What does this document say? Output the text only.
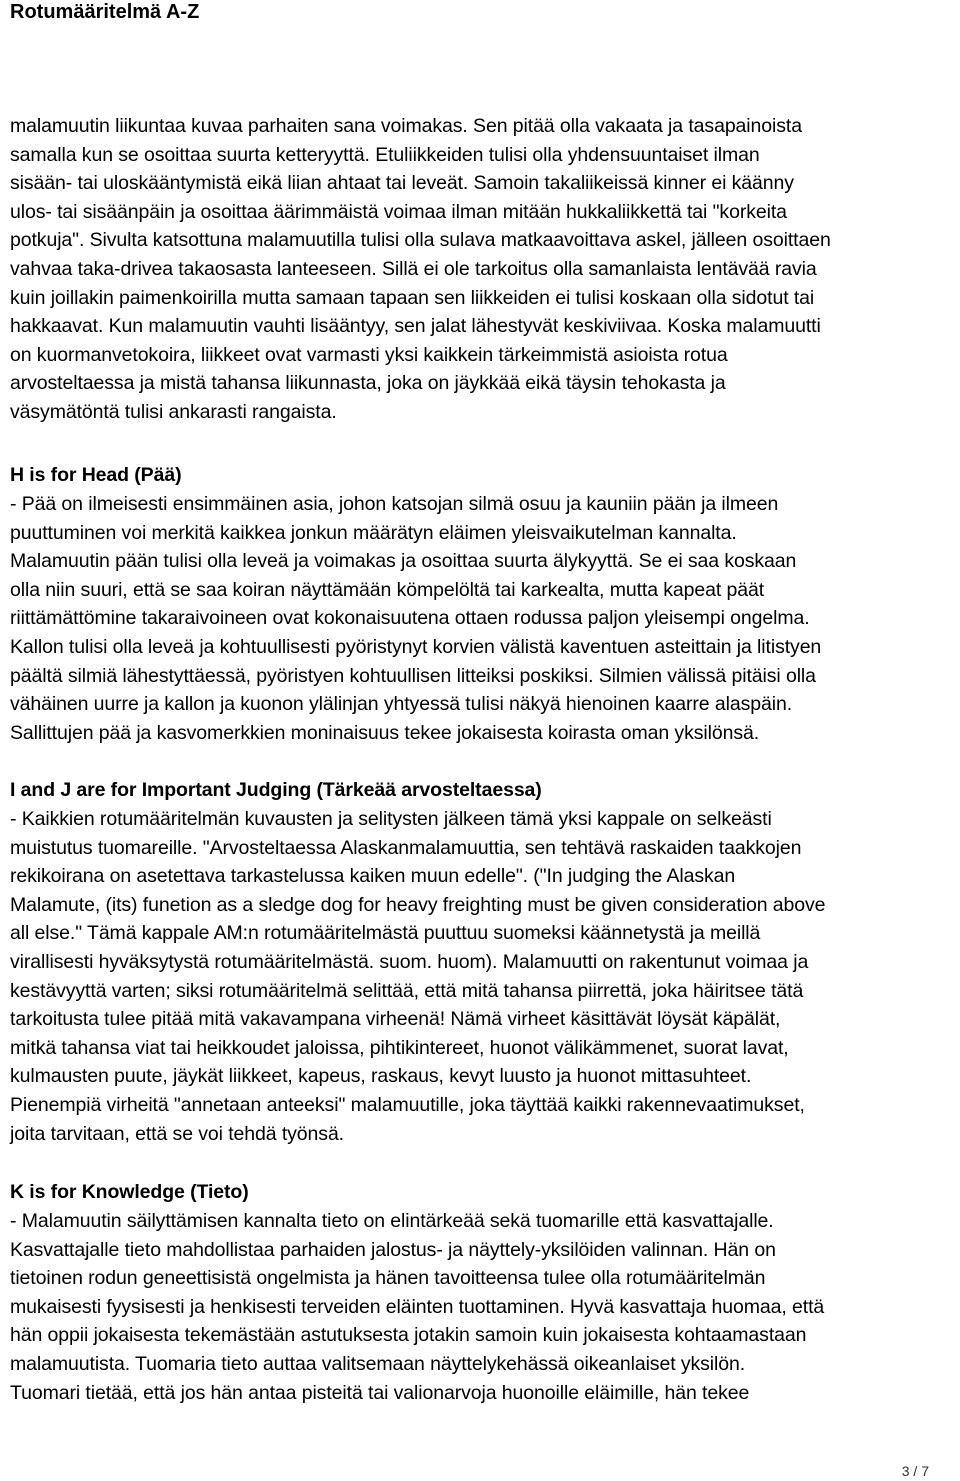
Rotumääritelmä A-Z
malamuutin liikuntaa kuvaa parhaiten sana voimakas. Sen pitää olla vakaata ja tasapainoista
samalla kun se osoittaa suurta ketteryyttä. Etuliikkeiden tulisi olla yhdensuuntaiset ilman
sisään- tai uloskääntymistä eikä liian ahtaat tai leveät. Samoin takaliikeissä kinner ei käänny
ulos- tai sisäänpäin ja osoittaa äärimmäistä voimaa ilman mitään hukkaliikkettä tai "korkeita
potkuja". Sivulta katsottuna malamuutilla tulisi olla sulava matkaavoittava askel, jälleen osoittaen
vahvaa taka-drivea takaosasta lanteeseen. Sillä ei ole tarkoitus olla samanlaista lentävää ravia
kuin joillakin paimenkoirilla mutta samaan tapaan sen liikkeiden ei tulisi koskaan olla sidotut tai
hakkaavat. Kun malamuutin vauhti lisääntyy, sen jalat lähestyvät keskiviivaa. Koska malamuutti
on kuormanvetokoira, liikkeet ovat varmasti yksi kaikkein tärkeimmistä asioista rotua
arvosteltaessa ja mistä tahansa liikunnasta, joka on jäykkää eikä täysin tehokasta ja
väsymätöntä tulisi ankarasti rangaista.
H is for Head (Pää)
- Pää on ilmeisesti ensimmäinen asia, johon katsojan silmä osuu ja kauniin pään ja ilmeen
puuttuminen voi merkitä kaikkea jonkun määrätyn eläimen yleisvaikutelman kannalta.
Malamuutin pään tulisi olla leveä ja voimakas ja osoittaa suurta älykyyttä. Se ei saa koskaan
olla niin suuri, että se saa koiran näyttämään kömpelöltä tai karkealta, mutta kapeat päät
riittämättömine takaraivoineen ovat kokonaisuutena ottaen rodussa paljon yleisempi ongelma.
Kallon tulisi olla leveä ja kohtuullisesti pyöristynyt korvien välistä kaventuen asteittain ja litistyen
päältä silmiä lähestyttäessä, pyöristyen kohtuullisen litteiksi poskiksi. Silmien välissä pitäisi olla
vähäinen uurre ja kallon ja kuonon ylälinjan yhtyessä tulisi näkyä hienoinen kaarre alaspäin.
Sallittujen pää ja kasvomerkkien moninaisuus tekee jokaisesta koirasta oman yksilönsä.
I and J are for Important Judging (Tärkeää arvosteltaessa)
- Kaikkien rotumääritelmän kuvausten ja selitysten jälkeen tämä yksi kappale on selkeästi
muistutus tuomareille. "Arvosteltaessa Alaskanmalamuuttia, sen tehtävä raskaiden taakkojen
rekikoirana on asetettava tarkastelussa kaiken muun edelle". ("In judging the Alaskan
Malamute, (its) funetion as a sledge dog for heavy freighting must be given consideration above
all else." Tämä kappale AM:n rotumääritelmästä puuttuu suomeksi käännetystä ja meillä
virallisesti hyväksytystä rotumääritelmästä. suom. huom). Malamuutti on rakentunut voimaa ja
kestävyyttä varten; siksi rotumääritelmä selittää, että mitä tahansa piirrettä, joka häiritsee tätä
tarkoitusta tulee pitää mitä vakavampana virheenä! Nämä virheet käsittävät löysät käpälät,
mitkä tahansa viat tai heikkoudet jaloissa, pihtikintereet, huonot välikämmenet, suorat lavat,
kulmausten puute, jäykät liikkeet, kapeus, raskaus, kevyt luusto ja huonot mittasuhteet.
Pienempiä virheitä "annetaan anteeksi" malamuutille, joka täyttää kaikki rakennevaatimukset,
joita tarvitaan, että se voi tehdä työnsä.
K is for Knowledge (Tieto)
- Malamuutin säilyttämisen kannalta tieto on elintärkeää sekä tuomarille että kasvattajalle.
Kasvattajalle tieto mahdollistaa parhaiden jalostus- ja näyttely-yksilöiden valinnan. Hän on
tietoinen rodun geneettisistä ongelmista ja hänen tavoitteensa tulee olla rotumääritelmän
mukaisesti fyysisesti ja henkisesti terveiden eläinten tuottaminen. Hyvä kasvattaja huomaa, että
hän oppii jokaisesta tekemästään astutuksesta jotakin samoin kuin jokaisesta kohtaamastaan
malamuutista. Tuomaria tieto auttaa valitsemaan näyttelykehässä oikeanlaiset yksilön.
Tuomari tietää, että jos hän antaa pisteitä tai valionarvoja huonoille eläimille, hän tekee
3 / 7
